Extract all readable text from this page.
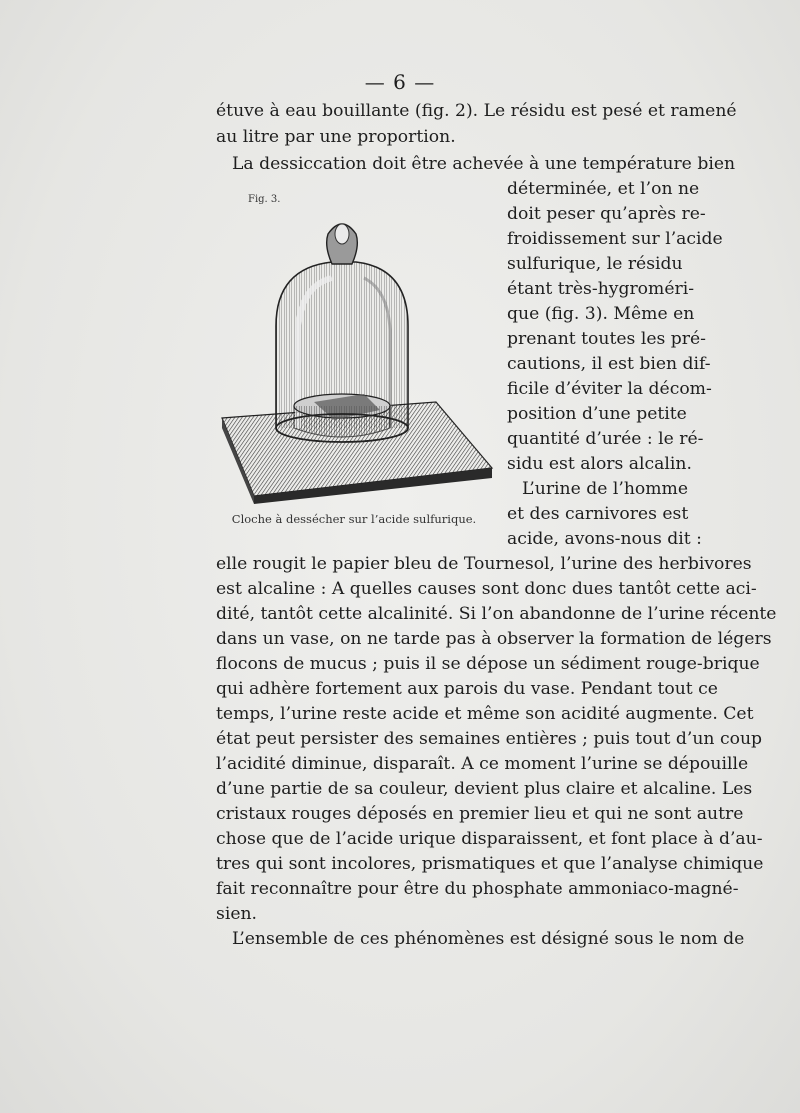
— 6 —
étuve à eau bouillante (fig. 2). Le résidu est pesé et ramené
au litre par une proportion.
La dessiccation doit être achevée à une température bien
Fig. 3.
Cloche à dessécher sur l’acide sulfurique.
déterminée, et l’on ne
doit peser qu’après re-
froidissement sur l’acide
sulfurique, le résidu
étant très-hygroméri-
que (fig. 3). Même en
prenant toutes les pré-
cautions, il est bien dif-
ficile d’éviter la décom-
position d’une petite
quantité d’urée : le ré-
sidu est alors alcalin.
L’urine de l’homme
et des carnivores est
acide, avons-nous dit :
elle rougit le papier bleu de Tournesol, l’urine des herbivores
est alcaline : A quelles causes sont donc dues tantôt cette aci-
dité, tantôt cette alcalinité. Si l’on abandonne de l’urine récente
dans un vase, on ne tarde pas à observer la formation de légers
flocons de mucus ; puis il se dépose un sédiment rouge-brique
qui adhère fortement aux parois du vase. Pendant tout ce
temps, l’urine reste acide et même son acidité augmente. Cet
état peut persister des semaines entières ; puis tout d’un coup
l’acidité diminue, disparaît. A ce moment l’urine se dépouille
d’une partie de sa couleur, devient plus claire et alcaline. Les
cristaux rouges déposés en premier lieu et qui ne sont autre
chose que de l’acide urique disparaissent, et font place à d’au-
tres qui sont incolores, prismatiques et que l’analyse chimique
fait reconnaître pour être du phosphate ammoniaco-magné-
sien.
L’ensemble de ces phénomènes est désigné sous le nom de
